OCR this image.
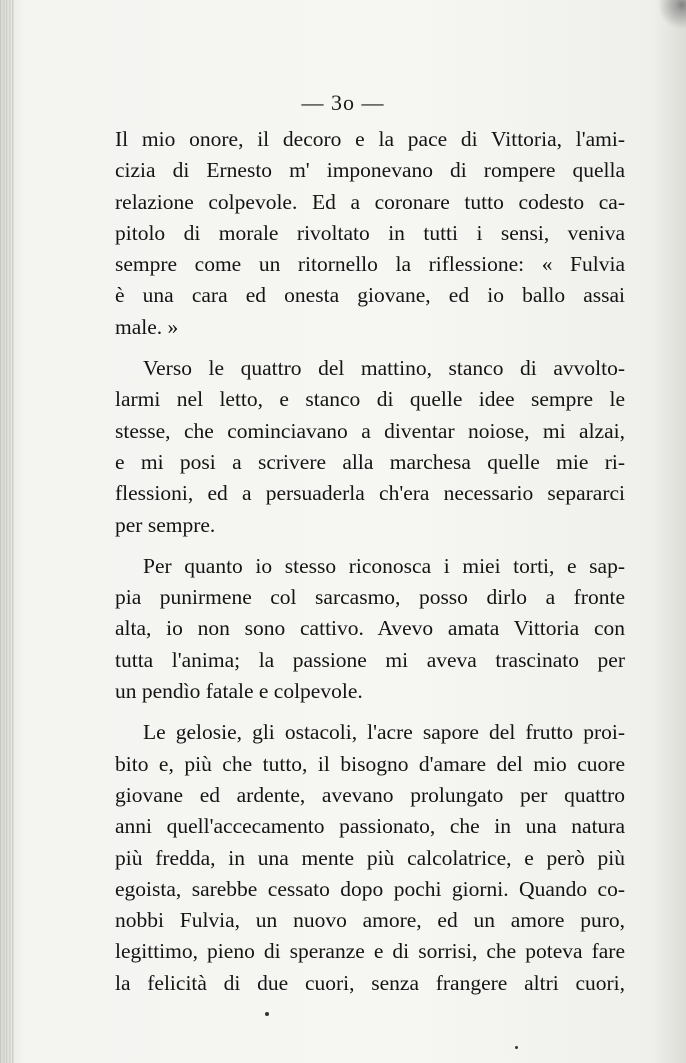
— 3o —

Il mio onore, il decoro e la pace di Vittoria, l'ami-
cizia di Ernesto m' imponevano di rompere quella
relazione colpevole. Ed a coronare tutto codesto ca-
pitolo di morale rivoltato in tutti i sensi, veniva
sempre come un ritornello la riflessione: « Fulvia
è una cara ed onesta giovane, ed io ballo assai
male. »

Verso le quattro del mattino, stanco di avvolto-
larmi nel letto, e stanco di quelle idee sempre le
stesse, che cominciavano a diventar noiose, mi alzai,
e mi posi a scrivere alla marchesa quelle mie ri-
flessioni, ed a persuaderla ch'era necessario separarci
per sempre.

Per quanto io stesso riconosca i miei torti, e sap-
pia punirmene col sarcasmo, posso dirlo a fronte
alta, io non sono cattivo. Avevo amata Vittoria con
tutta l'anima; la passione mi aveva trascinato per
un pendìo fatale e colpevole.

Le gelosie, gli ostacoli, l'acre sapore del frutto proi-
bito e, più che tutto, il bisogno d'amare del mio cuore
giovane ed ardente, avevano prolungato per quattro
anni quell'accecamento passionato, che in una natura
più fredda, in una mente più calcolatrice, e però più
egoista, sarebbe cessato dopo pochi giorni. Quando co-
nobbi Fulvia, un nuovo amore, ed un amore puro,
legittimo, pieno di speranze e di sorrisi, che poteva fare
la felicità di due cuori, senza frangere altri cuori,
